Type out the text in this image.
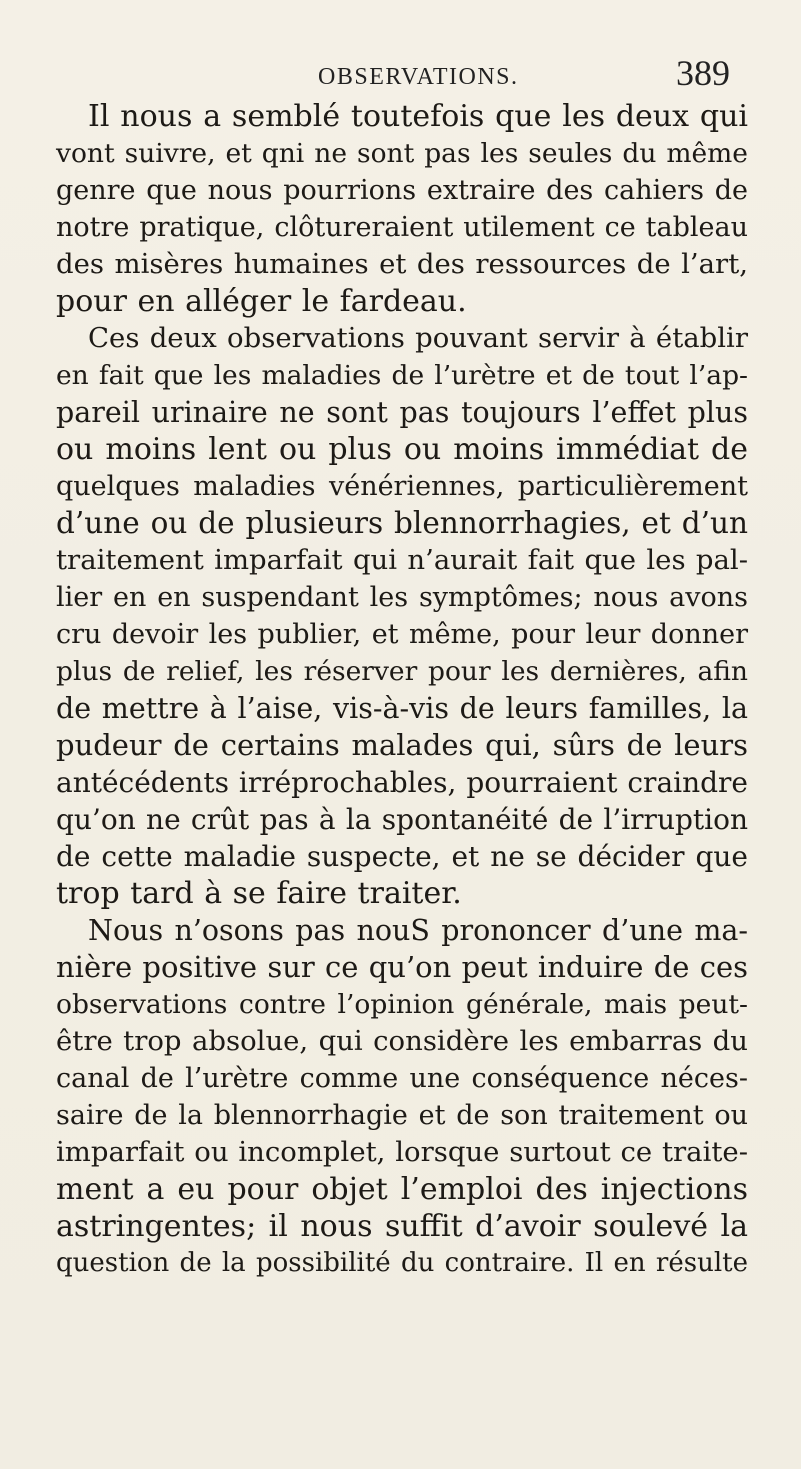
OBSERVATIONS.	389
Il nous a semblé toutefois que les deux qui
vont suivre, et qni ne sont pas les seules du même
genre que nous pourrions extraire des cahiers de
notre pratique, clôtureraient utilement ce tableau
des misères humaines et des ressources de l’art,
pour en alléger le fardeau.
Ces deux observations pouvant servir à établir
en fait que les maladies de l’urètre et de tout l’ap-
pareil urinaire ne sont pas toujours l’effet plus
ou moins lent ou plus ou moins immédiat de
quelques maladies vénériennes, particulièrement
d’une ou de plusieurs blennorrhagies, et d’un
traitement imparfait qui n’aurait fait que les pal-
lier en en suspendant les symptômes; nous avons
cru devoir les publier, et même, pour leur donner
plus de relief, les réserver pour les dernières, afin
de mettre à l’aise, vis-à-vis de leurs familles, la
pudeur de certains malades qui, sûrs de leurs
antécédents irréprochables, pourraient craindre
qu’on ne crût pas à la spontanéité de l’irruption
de cette maladie suspecte, et ne se décider que
trop tard à se faire traiter.
Nous n’osons pas nouS prononcer d’une ma-
nière positive sur ce qu’on peut induire de ces
observations contre l’opinion générale, mais peut-
être trop absolue, qui considère les embarras du
canal de l’urètre comme une conséquence néces-
saire de la blennorrhagie et de son traitement ou
imparfait ou incomplet, lorsque surtout ce traite-
ment a eu pour objet l’emploi des injections
astringentes; il nous suffit d’avoir soulevé la
question de la possibilité du contraire. Il en résulte
